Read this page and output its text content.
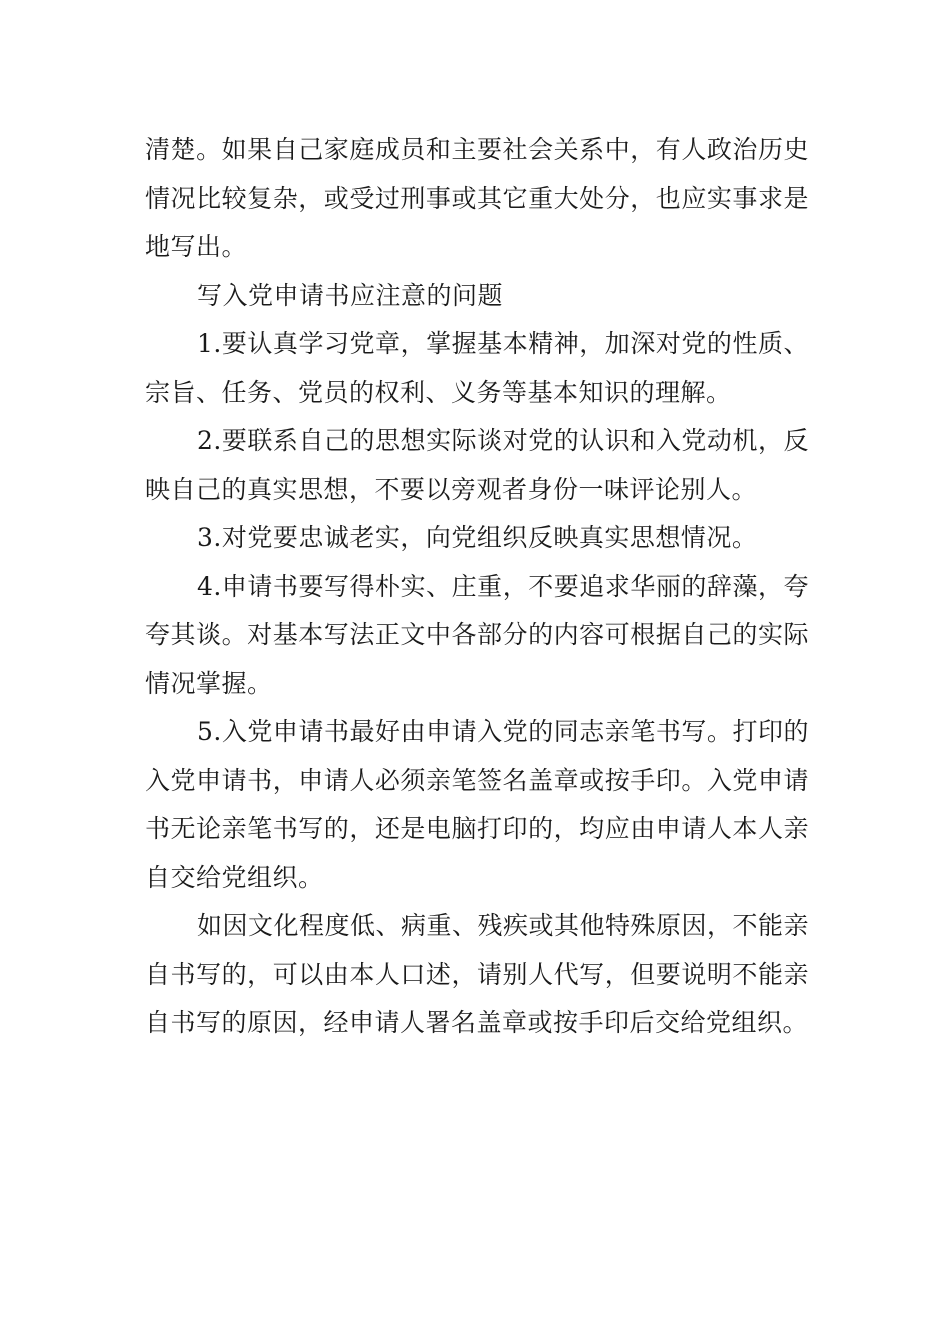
清楚。如果自己家庭成员和主要社会关系中，有人政治历史情况比较复杂，或受过刑事或其它重大处分，也应实事求是地写出。

写入党申请书应注意的问题

1.要认真学习党章，掌握基本精神，加深对党的性质、宗旨、任务、党员的权利、义务等基本知识的理解。

2.要联系自己的思想实际谈对党的认识和入党动机，反映自己的真实思想，不要以旁观者身份一味评论别人。

3.对党要忠诚老实，向党组织反映真实思想情况。

4.申请书要写得朴实、庄重，不要追求华丽的辞藻，夸夸其谈。对基本写法正文中各部分的内容可根据自己的实际情况掌握。

5.入党申请书最好由申请入党的同志亲笔书写。打印的入党申请书，申请人必须亲笔签名盖章或按手印。入党申请书无论亲笔书写的，还是电脑打印的，均应由申请人本人亲自交给党组织。

如因文化程度低、病重、残疾或其他特殊原因，不能亲自书写的，可以由本人口述，请别人代写，但要说明不能亲自书写的原因，经申请人署名盖章或按手印后交给党组织。
